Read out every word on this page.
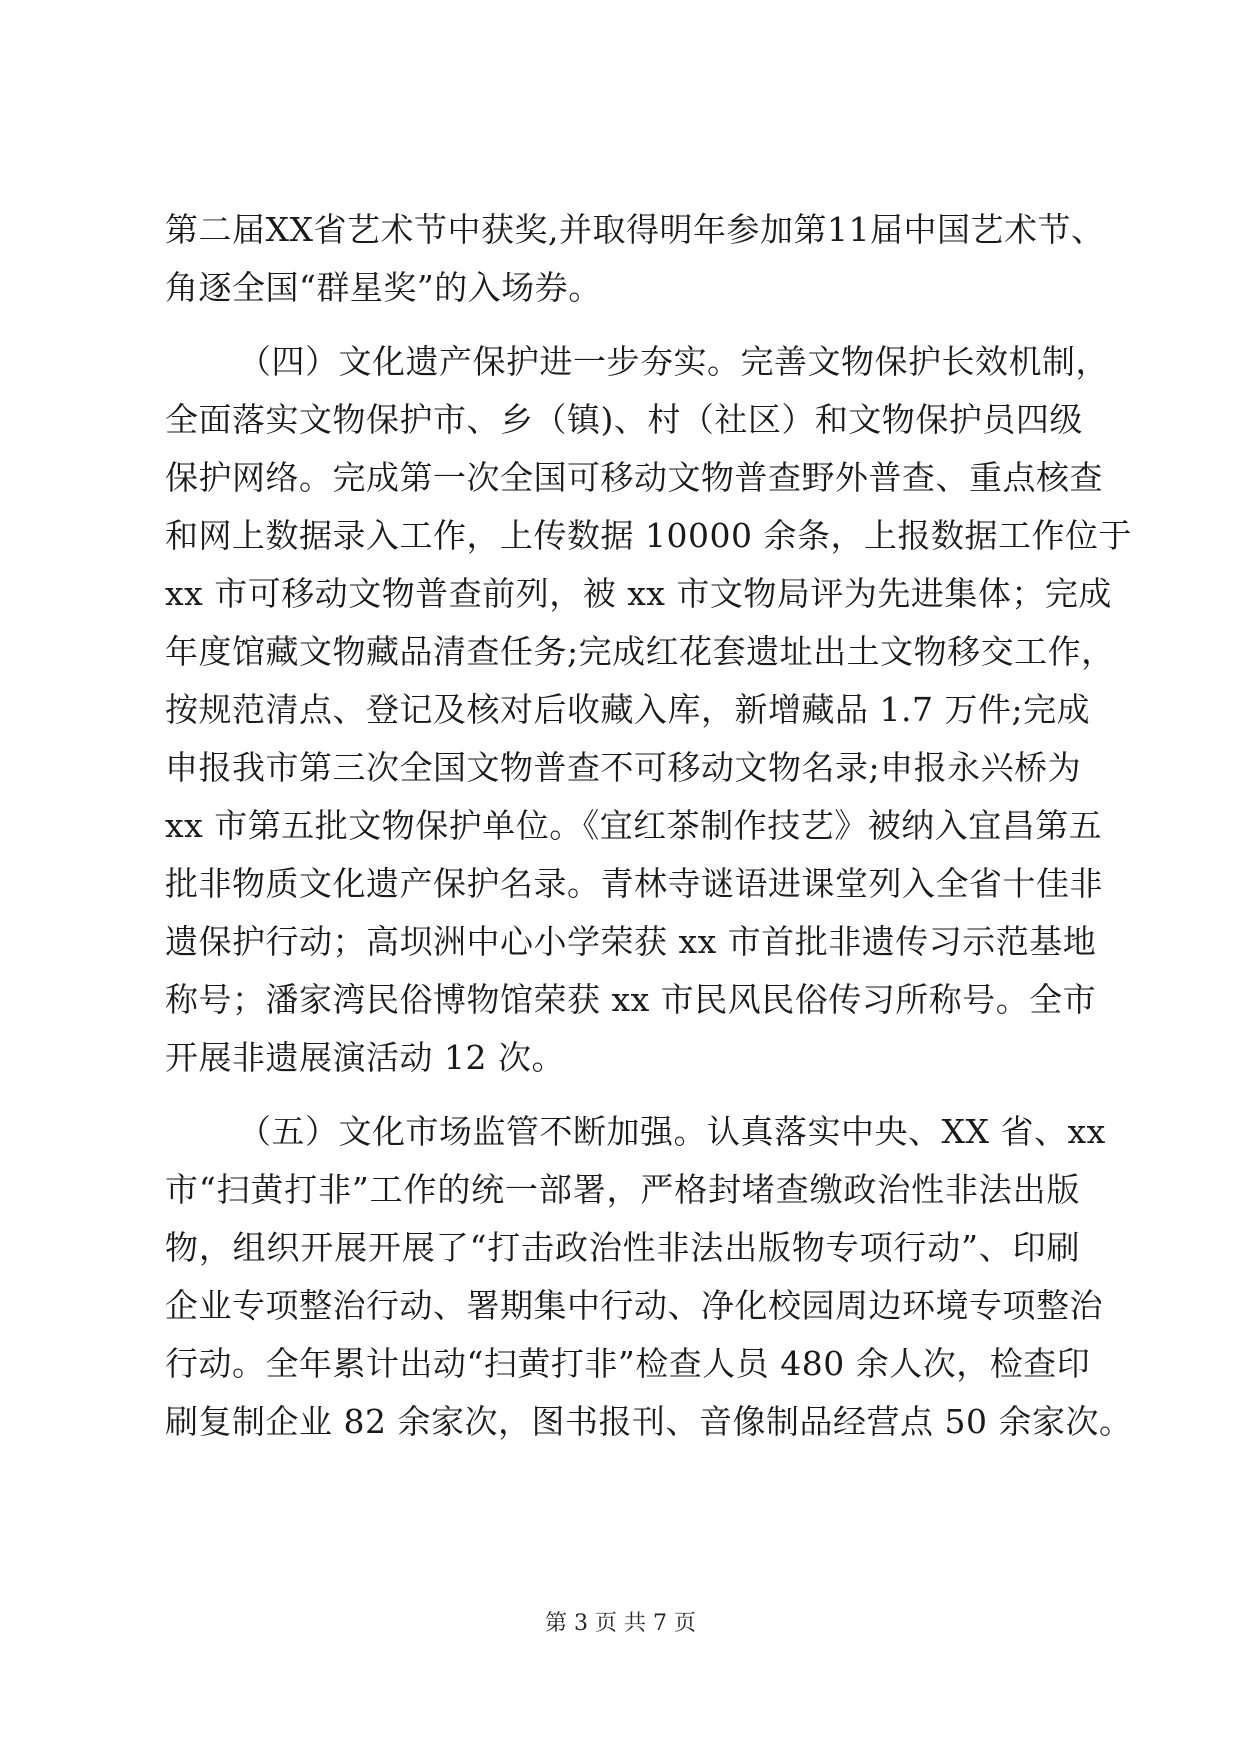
第二届XX省艺术节中获奖,并取得明年参加第11届中国艺术节、
角逐全国“群星奖”的入场券。
（四）文化遗产保护进一步夯实。完善文物保护长效机制，
全面落实文物保护市、乡（镇)、村（社区）和文物保护员四级
保护网络。完成第一次全国可移动文物普查野外普查、重点核查
和网上数据录入工作，上传数据 10000 余条，上报数据工作位于
xx 市可移动文物普查前列，被 xx 市文物局评为先进集体；完成
年度馆藏文物藏品清查任务;完成红花套遗址出土文物移交工作，
按规范清点、登记及核对后收藏入库，新增藏品 1.7 万件;完成
申报我市第三次全国文物普查不可移动文物名录;申报永兴桥为
xx 市第五批文物保护单位。《宜红茶制作技艺》被纳入宜昌第五
批非物质文化遗产保护名录。青林寺谜语进课堂列入全省十佳非
遗保护行动；高坝洲中心小学荣获 xx 市首批非遗传习示范基地
称号；潘家湾民俗博物馆荣获 xx 市民风民俗传习所称号。全市
开展非遗展演活动 12 次。
（五）文化市场监管不断加强。认真落实中央、XX 省、xx
市“扫黄打非”工作的统一部署，严格封堵查缴政治性非法出版
物，组织开展开展了“打击政治性非法出版物专项行动”、印刷
企业专项整治行动、署期集中行动、净化校园周边环境专项整治
行动。全年累计出动“扫黄打非”检查人员 480 余人次，检查印
刷复制企业 82 余家次，图书报刊、音像制品经营点 50 余家次。
第 3 页 共 7 页
